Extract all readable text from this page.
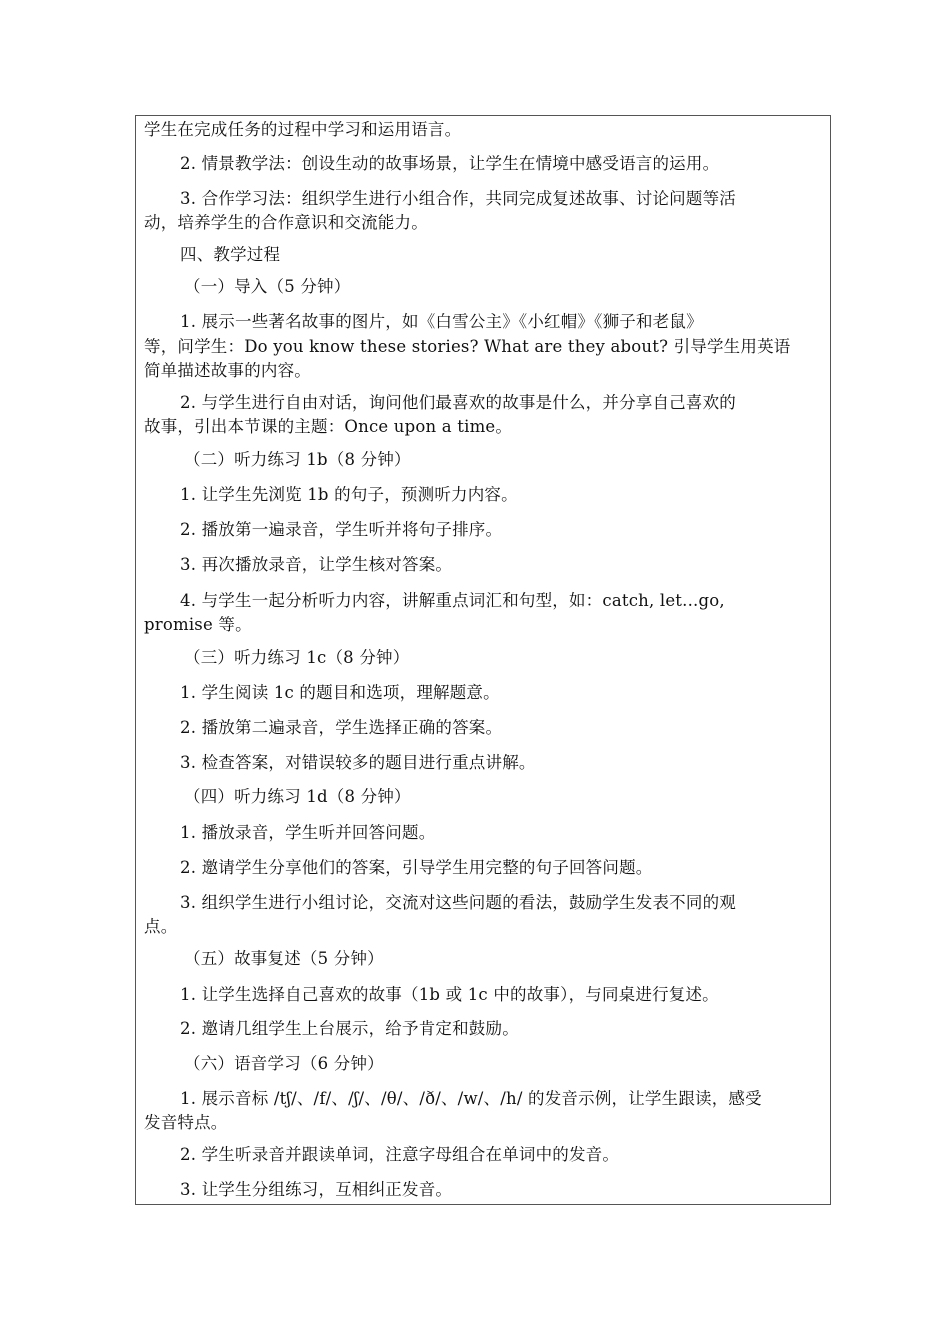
学生在完成任务的过程中学习和运用语言。
2. 情景教学法：创设生动的故事场景，让学生在情境中感受语言的运用。
3. 合作学习法：组织学生进行小组合作，共同完成复述故事、讨论问题等活
动，培养学生的合作意识和交流能力。
四、教学过程
（一）导入（5 分钟）
1. 展示一些著名故事的图片，如《白雪公主》《小红帽》《狮子和老鼠》
等，问学生：Do you know these stories? What are they about? 引导学生用英语
简单描述故事的内容。
2. 与学生进行自由对话，询问他们最喜欢的故事是什么，并分享自己喜欢的
故事，引出本节课的主题：Once upon a time。
（二）听力练习 1b（8 分钟）
1. 让学生先浏览 1b 的句子，预测听力内容。
2. 播放第一遍录音，学生听并将句子排序。
3. 再次播放录音，让学生核对答案。
4. 与学生一起分析听力内容，讲解重点词汇和句型，如：catch, let...go,
promise 等。
（三）听力练习 1c（8 分钟）
1. 学生阅读 1c 的题目和选项，理解题意。
2. 播放第二遍录音，学生选择正确的答案。
3. 检查答案，对错误较多的题目进行重点讲解。
（四）听力练习 1d（8 分钟）
1. 播放录音，学生听并回答问题。
2. 邀请学生分享他们的答案，引导学生用完整的句子回答问题。
3. 组织学生进行小组讨论，交流对这些问题的看法，鼓励学生发表不同的观
点。
（五）故事复述（5 分钟）
1. 让学生选择自己喜欢的故事（1b 或 1c 中的故事），与同桌进行复述。
2. 邀请几组学生上台展示，给予肯定和鼓励。
（六）语音学习（6 分钟）
1. 展示音标 /tʃ/、/f/、/ʃ/、/θ/、/ð/、/w/、/h/ 的发音示例，让学生跟读，感受
发音特点。
2. 学生听录音并跟读单词，注意字母组合在单词中的发音。
3. 让学生分组练习，互相纠正发音。
